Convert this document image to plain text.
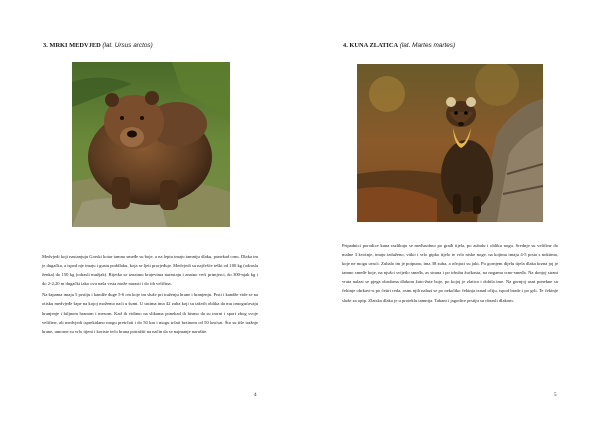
3. MRKI MEDVJED (lat. Ursus arctos)

Medvjedi koji nastanjuju Gorski kotar tamno smeđe su boje, a na leptu imaju tamniju dlaku, ponekad crnu. Dlaka im je dugačka, a ispod nje imaju i gustu poddlaku, koja se ljeti prorjeđuje. Medvjedi su najčešće teški od 100 kg (odrasla ženka) do 150 kg (odrasli mužjak). Rijetko se izuzimu krajevima narastaju i znatno veći primjerci, do 300-njak kg i do 2-2,20 m dugački iako ova naša vrsta može narasti i do tih veličina.

Na šapama imaju 5 prstiju i kandže duge 5-6 cm koje im služe pri traženju hrane i hranjenju. Prsti i kandže vide se na otisku medvjeđe šape na kojoj možemo naći u šumi. U ustima ima 42 zuba koji su takvih oblika da mu omogućavaju hranjenje i biljnom hranom i mesom. Kad ih vidimo na slikama ponekad ih bismo da su trorni i spori zbog svoje veličine, ali medvjedi isprekidano mogu pretrčati i do 50 km i mogu trčati brzinom od 50 km/sat. Što su tiše tražnje hrane, umorne su vrlo tijeni i koriste tečo brana potražiti na način da se najmanje narušite.

4
4. KUNA ZLATICA (lat. Martes martes)

Pripadnici porodice kuna razlikuju se međusobno po građi tijela, po zubalu i obliku nogu. Srednje su veličine do malne 3 kvotnje, imaju izduženo, vitko i vrlo gipko tijelo te vrlo niske noge, na kojima imaju 4-5 prsta s noktima, koje ne mogu uvući. Zubalo im je potpuno, ima 38 zuba, a očnjaci su jaki. Po gornjem dijelu tijela dlaka krzna joj je tamno smeđe boje, na njušci svijetlo smeđa, as strana i po trbuhu žućkasta, na nogama crno-smeđa. Na donjoj strani vrata nalazi se pjega obrubrna dlakom žuto-žute boje, po kojoj je zlatica i dobila ime. Na gornjoj usni ponekne su čekinje obrkavi-u po četiri reda, osim njih nalazi se po nekoliko čekinja iznad očiju, ispod brade i po grli. Te čekinje služe za opip. Zlatska dlaka je u proteklu tamnija. Tabani i jagodice prstiju su obrasli dlakom.

5
